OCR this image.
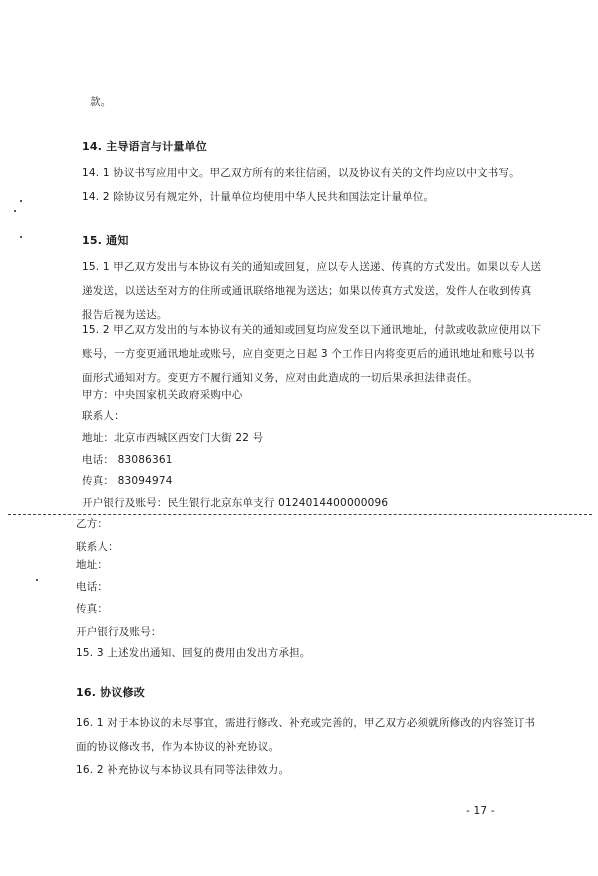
款。
14. 主导语言与计量单位
14. 1 协议书写应用中文。甲乙双方所有的来往信函，以及协议有关的文件均应以中文书写。
14. 2 除协议另有规定外，计量单位均使用中华人民共和国法定计量单位。
15. 通知
15. 1 甲乙双方发出与本协议有关的通知或回复，应以专人送递、传真的方式发出。如果以专人送
递发送，以送达至对方的住所或通讯联络地视为送达；如果以传真方式发送，发件人在收到传真
报告后视为送达。
15. 2 甲乙双方发出的与本协议有关的通知或回复均应发至以下通讯地址，付款或收款应使用以下
账号，一方变更通讯地址或账号，应自变更之日起 3 个工作日内将变更后的通讯地址和账号以书
面形式通知对方。变更方不履行通知义务，应对由此造成的一切后果承担法律责任。
甲方：中央国家机关政府采购中心
联系人：
地址：北京市西城区西安门大街 22 号
电话： 83086361
传真： 83094974
开户银行及账号：民生银行北京东单支行 0124014400000096
乙方：
联系人：
地址：
电话：
传真：
开户银行及账号：
15. 3 上述发出通知、回复的费用由发出方承担。
16. 协议修改
16. 1 对于本协议的未尽事宜，需进行修改、补充或完善的，甲乙双方必须就所修改的内容签订书
面的协议修改书，作为本协议的补充协议。
16. 2 补充协议与本协议具有同等法律效力。
- 17 -
